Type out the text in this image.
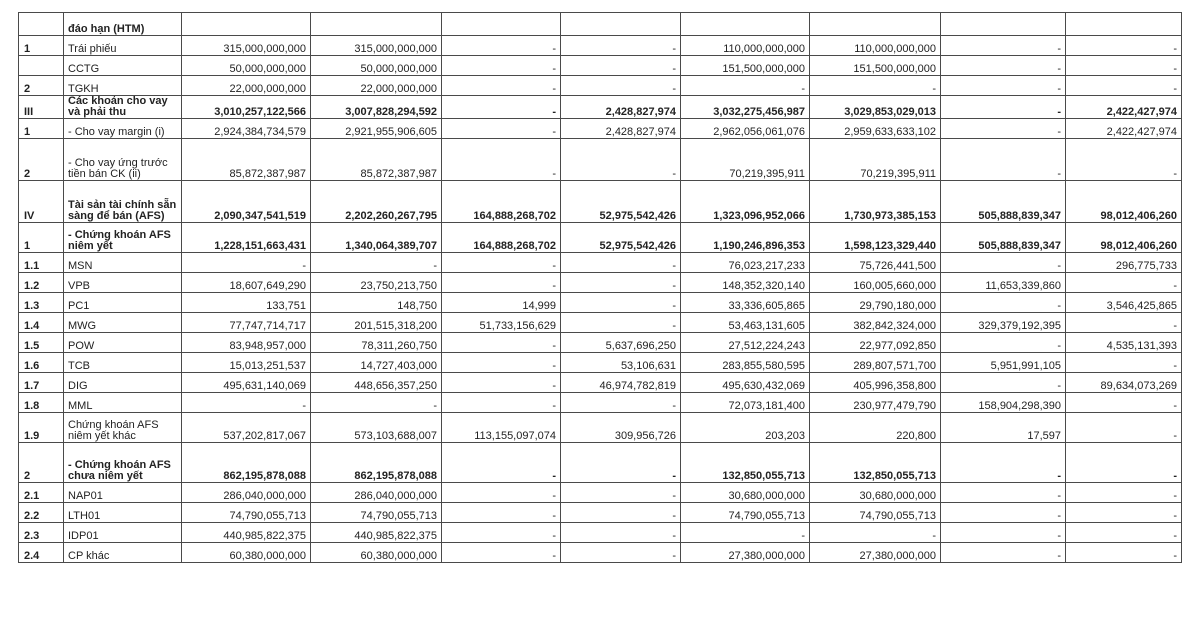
	đáo hạn (HTM)								
1	Trái phiếu	315,000,000,000	315,000,000,000	-	-	110,000,000,000	110,000,000,000	-	-
	CCTG	50,000,000,000	50,000,000,000	-	-	151,500,000,000	151,500,000,000	-	-
2	TGKH	22,000,000,000	22,000,000,000	-	-	-	-	-	-
III	Các khoản cho vay và phải thu	3,010,257,122,566	3,007,828,294,592	-	2,428,827,974	3,032,275,456,987	3,029,853,029,013	-	2,422,427,974
1	- Cho vay margin (i)	2,924,384,734,579	2,921,955,906,605	-	2,428,827,974	2,962,056,061,076	2,959,633,633,102	-	2,422,427,974
2	- Cho vay ứng trước tiền bán CK (ii)	85,872,387,987	85,872,387,987	-	-	70,219,395,911	70,219,395,911	-	-
IV	Tài sản tài chính sẵn sàng để bán (AFS)	2,090,347,541,519	2,202,260,267,795	164,888,268,702	52,975,542,426	1,323,096,952,066	1,730,973,385,153	505,888,839,347	98,012,406,260
1	- Chứng khoán AFS niêm yết	1,228,151,663,431	1,340,064,389,707	164,888,268,702	52,975,542,426	1,190,246,896,353	1,598,123,329,440	505,888,839,347	98,012,406,260
1.1	MSN	-	-	-	-	76,023,217,233	75,726,441,500	-	296,775,733
1.2	VPB	18,607,649,290	23,750,213,750	-	-	148,352,320,140	160,005,660,000	11,653,339,860	-
1.3	PC1	133,751	148,750	14,999	-	33,336,605,865	29,790,180,000	-	3,546,425,865
1.4	MWG	77,747,714,717	201,515,318,200	51,733,156,629	-	53,463,131,605	382,842,324,000	329,379,192,395	-
1.5	POW	83,948,957,000	78,311,260,750	-	5,637,696,250	27,512,224,243	22,977,092,850	-	4,535,131,393
1.6	TCB	15,013,251,537	14,727,403,000	-	53,106,631	283,855,580,595	289,807,571,700	5,951,991,105	-
1.7	DIG	495,631,140,069	448,656,357,250	-	46,974,782,819	495,630,432,069	405,996,358,800	-	89,634,073,269
1.8	MML	-	-	-	-	72,073,181,400	230,977,479,790	158,904,298,390	-
1.9	Chứng khoán AFS niêm yết khác	537,202,817,067	573,103,688,007	113,155,097,074	309,956,726	203,203	220,800	17,597	-
2	- Chứng khoán AFS chưa niêm yết	862,195,878,088	862,195,878,088	-	-	132,850,055,713	132,850,055,713	-	-
2.1	NAP01	286,040,000,000	286,040,000,000	-	-	30,680,000,000	30,680,000,000	-	-
2.2	LTH01	74,790,055,713	74,790,055,713	-	-	74,790,055,713	74,790,055,713	-	-
2.3	IDP01	440,985,822,375	440,985,822,375	-	-	-	-	-	-
2.4	CP khác	60,380,000,000	60,380,000,000	-	-	27,380,000,000	27,380,000,000	-	-
